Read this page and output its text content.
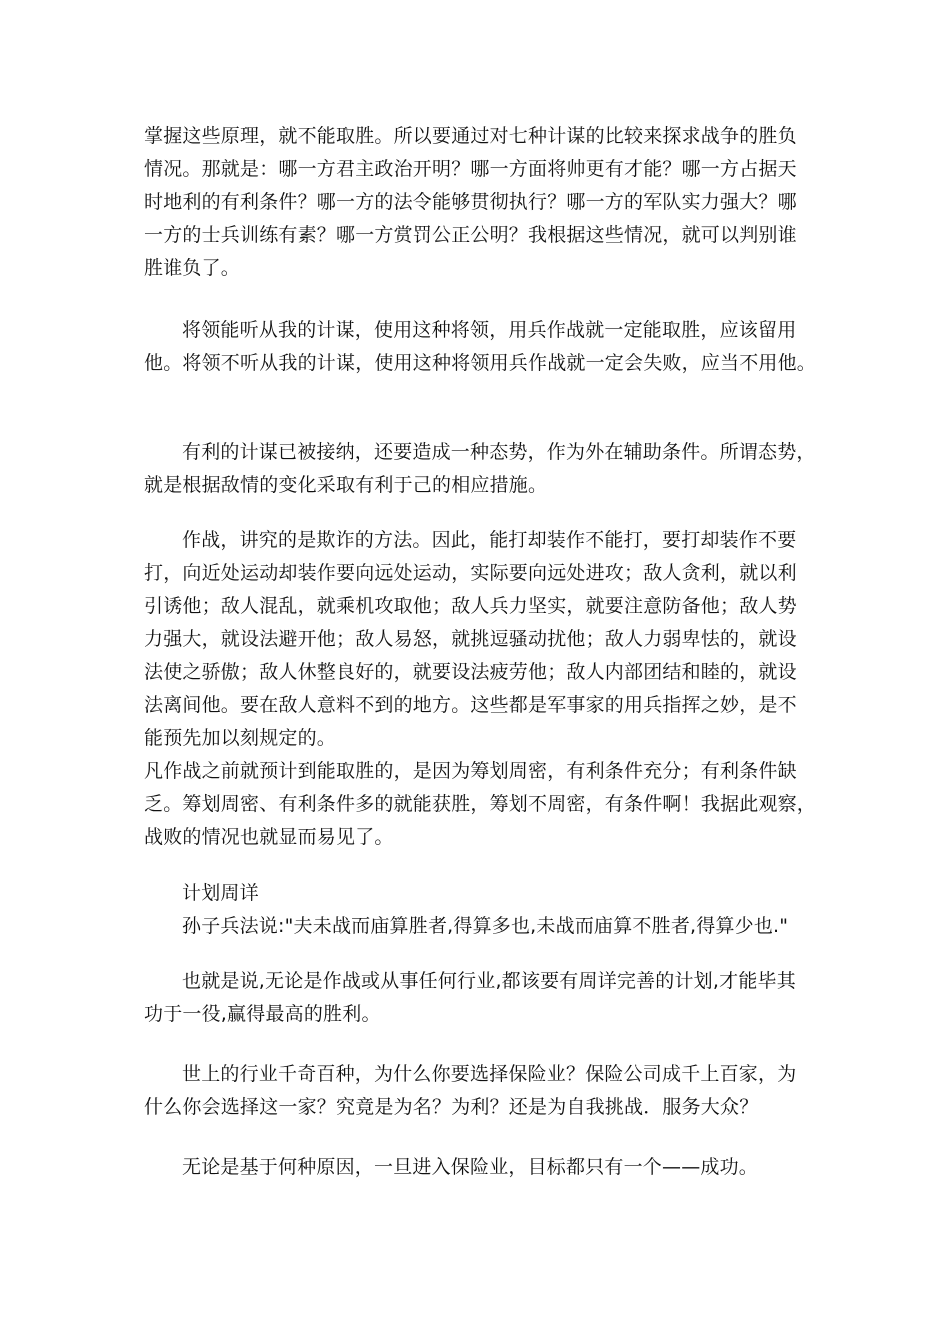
掌握这些原理，就不能取胜。所以要通过对七种计谋的比较来探求战争的胜负
情况。那就是：哪一方君主政治开明？哪一方面将帅更有才能？哪一方占据天
时地利的有利条件？哪一方的法令能够贯彻执行？哪一方的军队实力强大？哪
一方的士兵训练有素？哪一方赏罚公正公明？我根据这些情况，就可以判别谁
胜谁负了。
将领能听从我的计谋，使用这种将领，用兵作战就一定能取胜，应该留用
他。将领不听从我的计谋，使用这种将领用兵作战就一定会失败，应当不用他。
有利的计谋已被接纳，还要造成一种态势，作为外在辅助条件。所谓态势，
就是根据敌情的变化采取有利于己的相应措施。
作战，讲究的是欺诈的方法。因此，能打却装作不能打，要打却装作不要
打，向近处运动却装作要向远处运动，实际要向远处进攻；敌人贪利，就以利
引诱他；敌人混乱，就乘机攻取他；敌人兵力坚实，就要注意防备他；敌人势
力强大，就设法避开他；敌人易怒，就挑逗骚动扰他；敌人力弱卑怯的，就设
法使之骄傲；敌人休整良好的，就要设法疲劳他；敌人内部团结和睦的，就设
法离间他。要在敌人意料不到的地方。这些都是军事家的用兵指挥之妙，是不
能预先加以刻规定的。
凡作战之前就预计到能取胜的，是因为筹划周密，有利条件充分；有利条件缺
乏。筹划周密、有利条件多的就能获胜，筹划不周密，有条件啊！我据此观察，
战败的情况也就显而易见了。
计划周详
孙子兵法说:"夫未战而庙算胜者,得算多也,未战而庙算不胜者,得算少也."
也就是说,无论是作战或从事任何行业,都该要有周详完善的计划,才能毕其
功于一役,赢得最高的胜利。
世上的行业千奇百种，为什么你要选择保险业？保险公司成千上百家，为
什么你会选择这一家？究竟是为名？为利？还是为自我挑战．服务大众？
无论是基于何种原因，一旦进入保险业，目标都只有一个——成功。
